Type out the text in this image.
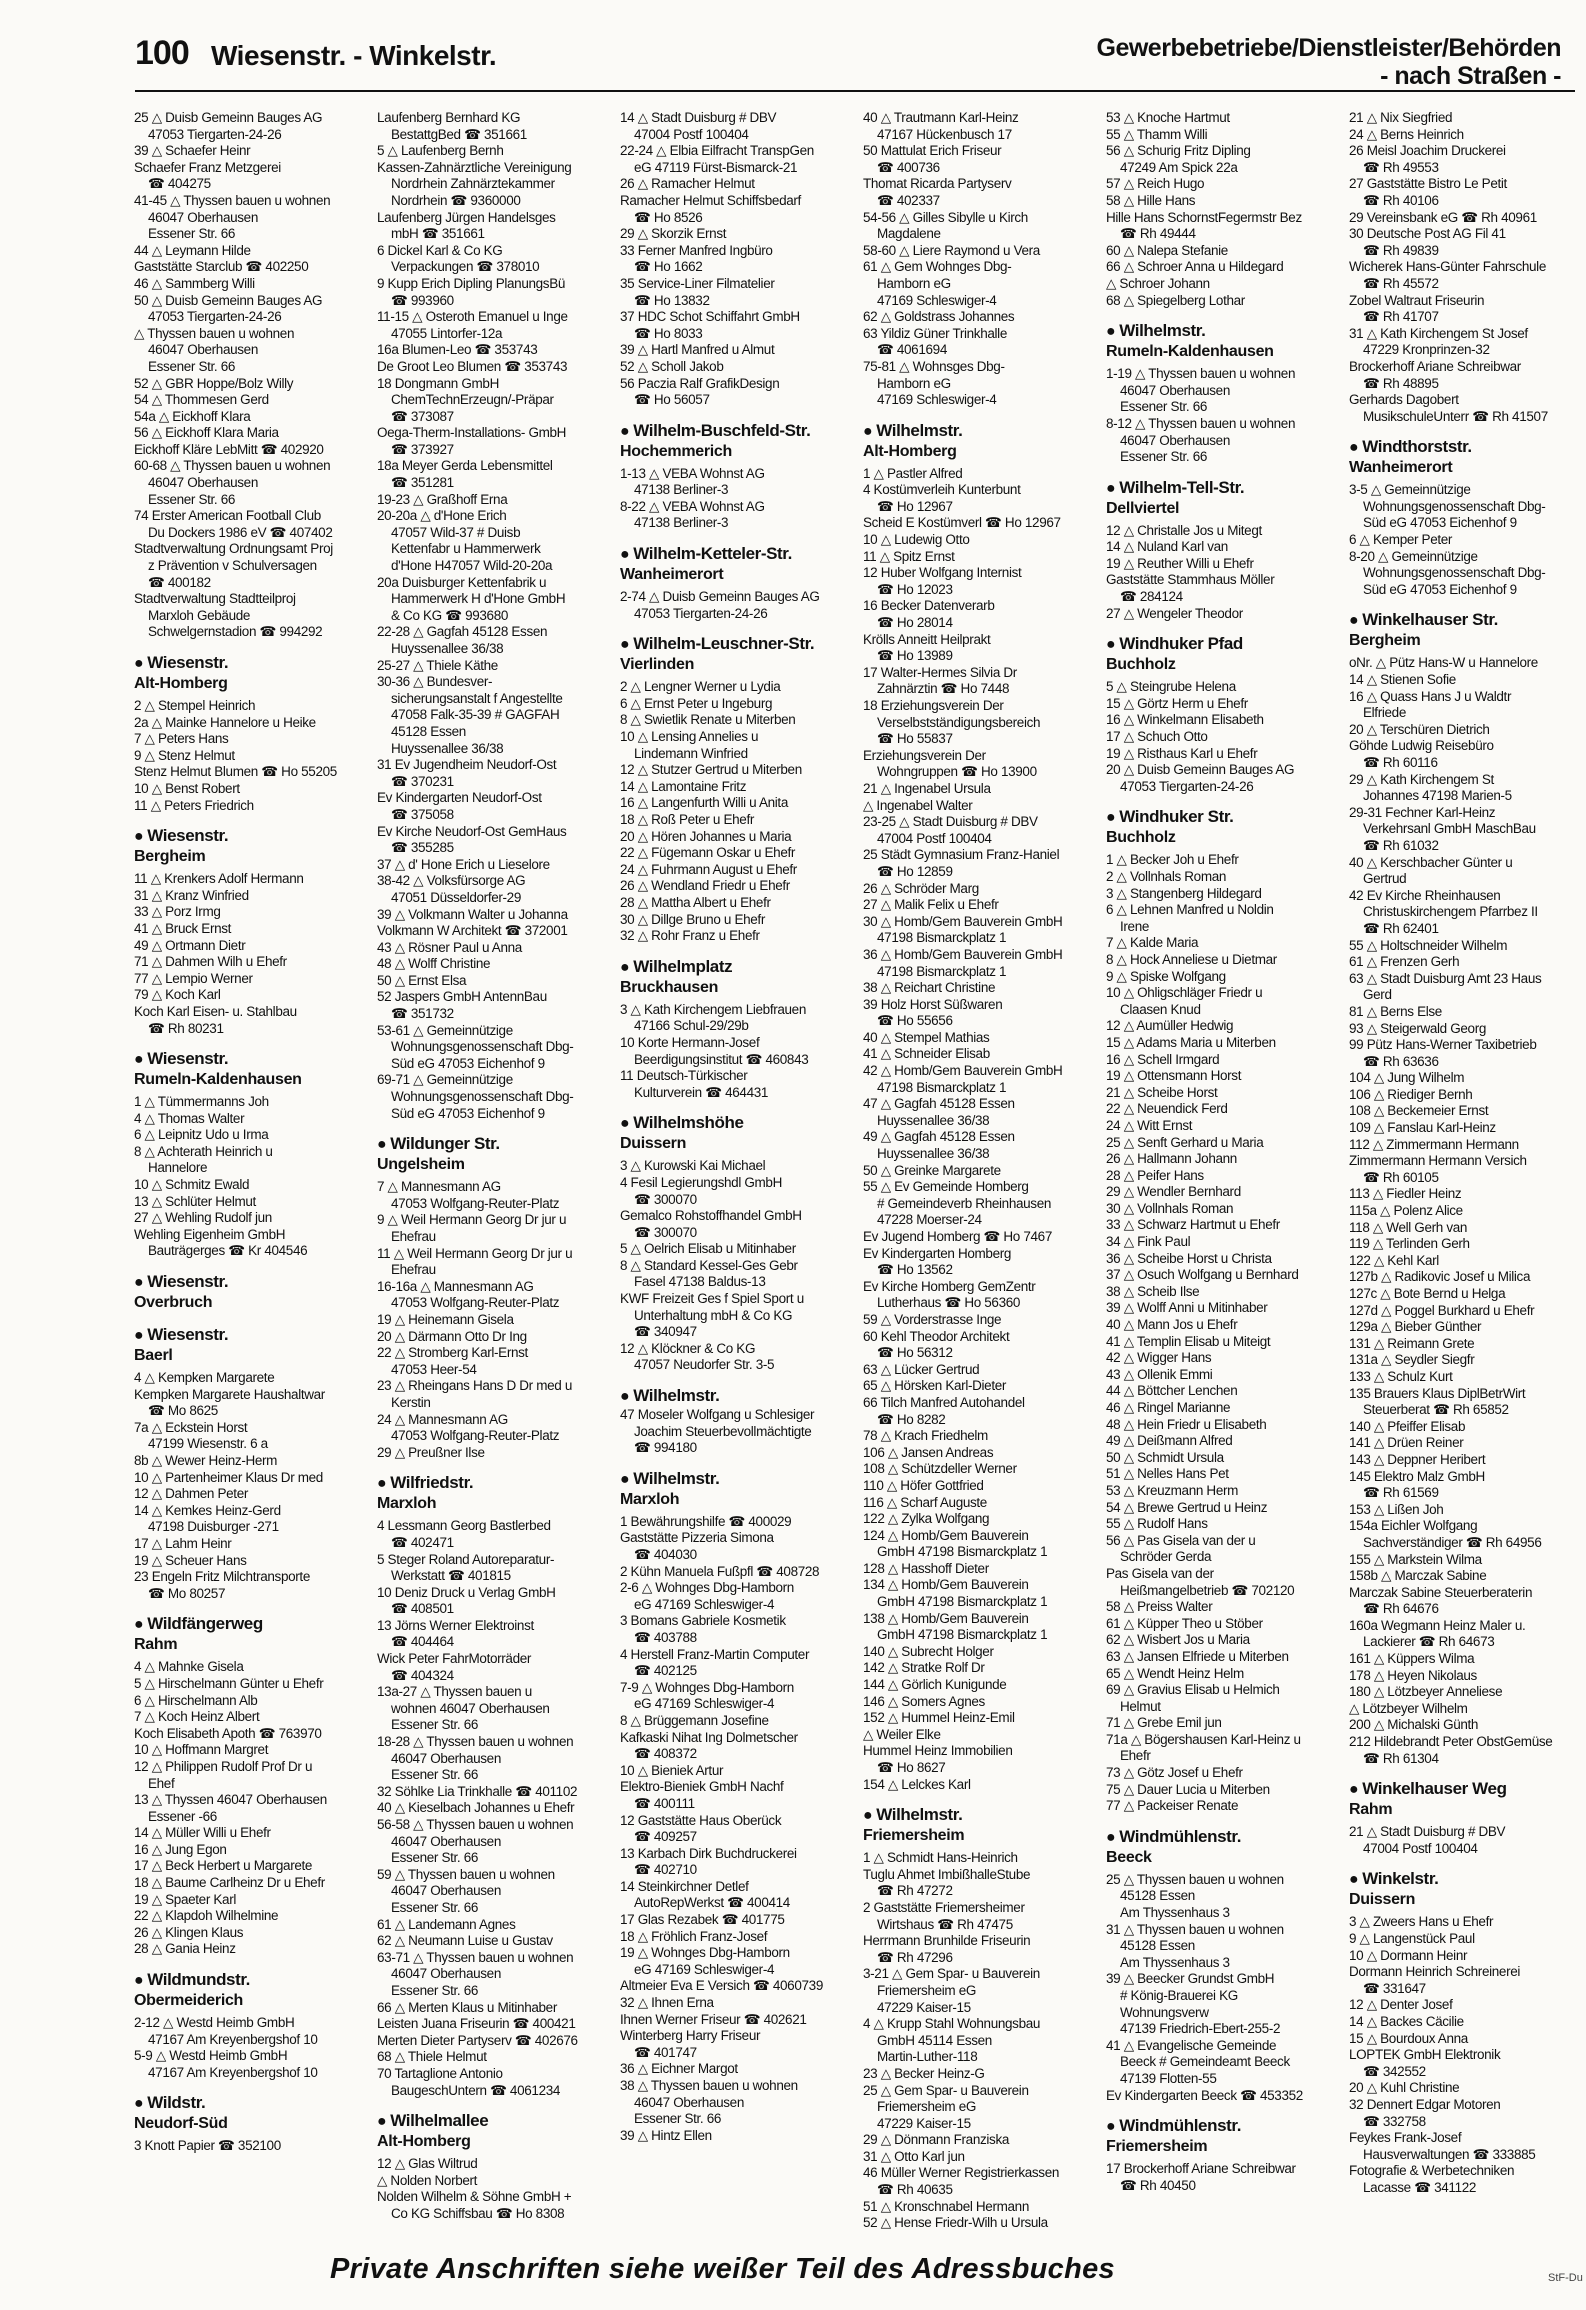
100 Wiesenstr. - Winkelstr.	Gewerbebetriebe/Dienstleister/Behörden
- nach Straßen -
25 △ Duisb Gemeinn Bauges AG
47053 Tiergarten-24-26
39 △ Schaefer Heinr
Schaefer Franz Metzgerei
☎ 404275
41-45 △ Thyssen bauen u wohnen
46047 Oberhausen
Essener Str. 66
44 △ Leymann Hilde
Gaststätte Starclub ☎ 402250
46 △ Sammberg Willi
50 △ Duisb Gemeinn Bauges AG
47053 Tiergarten-24-26
△ Thyssen bauen u wohnen
46047 Oberhausen
Essener Str. 66
52 △ GBR Hoppe/Bolz Willy
54 △ Thommesen Gerd
54a △ Eickhoff Klara
56 △ Eickhoff Klara Maria
Eickhoff Kläre LebMitt ☎ 402920
60-68 △ Thyssen bauen u wohnen
46047 Oberhausen
Essener Str. 66
74 Erster American Football Club
Du Dockers 1986 eV ☎ 407402
Stadtverwaltung Ordnungsamt Proj
z Prävention v Schulversagen
☎ 400182
Stadtverwaltung Stadtteilproj
Marxloh Gebäude
Schwelgernstadion ☎ 994292
● Wiesenstr.
Alt-Homberg
2 △ Stempel Heinrich
2a △ Mainke Hannelore u Heike
7 △ Peters Hans
9 △ Stenz Helmut
Stenz Helmut Blumen ☎ Ho 55205
10 △ Benst Robert
11 △ Peters Friedrich
● Wiesenstr.
Bergheim
11 △ Krenkers Adolf Hermann
31 △ Kranz Winfried
33 △ Porz Irmg
41 △ Bruck Ernst
49 △ Ortmann Dietr
71 △ Dahmen Wilh u Ehefr
77 △ Lempio Werner
79 △ Koch Karl
Koch Karl Eisen- u. Stahlbau
☎ Rh 80231
● Wiesenstr.
Rumeln-Kaldenhausen
1 △ Tümmermanns Joh
4 △ Thomas Walter
6 △ Leipnitz Udo u Irma
8 △ Achterath Heinrich u
Hannelore
10 △ Schmitz Ewald
13 △ Schlüter Helmut
27 △ Wehling Rudolf jun
Wehling Eigenheim GmbH
Bauträgerges ☎ Kr 404546
● Wiesenstr.
Overbruch
● Wiesenstr.
Baerl
4 △ Kempken Margarete
Kempken Margarete Haushaltwar
☎ Mo 8625
7a △ Eckstein Horst
47199 Wiesenstr. 6 a
8b △ Wewer Heinz-Herm
10 △ Partenheimer Klaus Dr med
12 △ Dahmen Peter
14 △ Kemkes Heinz-Gerd
47198 Duisburger -271
17 △ Lahm Heinr
19 △ Scheuer Hans
23 Engeln Fritz Milchtransporte
☎ Mo 80257
● Wildfängerweg
Rahm
4 △ Mahnke Gisela
5 △ Hirschelmann Günter u Ehefr
6 △ Hirschelmann Alb
7 △ Koch Heinz Albert
Koch Elisabeth Apoth ☎ 763970
10 △ Hoffmann Margret
12 △ Philippen Rudolf Prof Dr u
Ehef
13 △ Thyssen 46047 Oberhausen
Essener -66
14 △ Müller Willi u Ehefr
16 △ Jung Egon
17 △ Beck Herbert u Margarete
18 △ Baume Carlheinz Dr u Ehefr
19 △ Spaeter Karl
22 △ Klapdoh Wilhelmine
26 △ Klingen Klaus
28 △ Gania Heinz
● Wildmundstr.
Obermeiderich
2-12 △ Westd Heimb GmbH
47167 Am Kreyenbergshof 10
5-9 △ Westd Heimb GmbH
47167 Am Kreyenbergshof 10
● Wildstr.
Neudorf-Süd
3 Knott Papier ☎ 352100
Laufenberg Bernhard KG
BestattgBed ☎ 351661
5 △ Laufenberg Bernh
Kassen-Zahnärztliche Vereinigung
Nordrhein Zahnärztekammer
Nordrhein ☎ 9360000
Laufenberg Jürgen Handelsges
mbH ☎ 351661
6 Dickel Karl & Co KG
Verpackungen ☎ 378010
9 Kupp Erich Dipling PlanungsBü
☎ 993960
11-15 △ Osteroth Emanuel u Inge
47055 Lintorfer-12a
16a Blumen-Leo ☎ 353743
De Groot Leo Blumen ☎ 353743
18 Dongmann GmbH
ChemTechnErzeugn/-Präpar
☎ 373087
Oega-Therm-Installations- GmbH
☎ 373927
18a Meyer Gerda Lebensmittel
☎ 351281
19-23 △ Graßhoff Erna
20-20a △ d'Hone Erich
47057 Wild-37 # Duisb
Kettenfabr u Hammerwerk
d'Hone H47057 Wild-20-20a
20a Duisburger Kettenfabrik u
Hammerwerk H d'Hone GmbH
& Co KG ☎ 993680
22-28 △ Gagfah 45128 Essen
Huyssenallee 36/38
25-27 △ Thiele Käthe
30-36 △ Bundesver-
sicherungsanstalt f Angestellte
47058 Falk-35-39 # GAGFAH
45128 Essen
Huyssenallee 36/38
31 Ev Jugendheim Neudorf-Ost
☎ 370231
Ev Kindergarten Neudorf-Ost
☎ 375058
Ev Kirche Neudorf-Ost GemHaus
☎ 355285
37 △ d' Hone Erich u Lieselore
38-42 △ Volksfürsorge AG
47051 Düsseldorfer-29
39 △ Volkmann Walter u Johanna
Volkmann W Architekt ☎ 372001
43 △ Rösner Paul u Anna
48 △ Wolff Christine
50 △ Ernst Elsa
52 Jaspers GmbH AntennBau
☎ 351732
53-61 △ Gemeinnützige
Wohnungsgenossenschaft Dbg-
Süd eG 47053 Eichenhof 9
69-71 △ Gemeinnützige
Wohnungsgenossenschaft Dbg-
Süd eG 47053 Eichenhof 9
● Wildunger Str.
Ungelsheim
7 △ Mannesmann AG
47053 Wolfgang-Reuter-Platz
9 △ Weil Hermann Georg Dr jur u
Ehefrau
11 △ Weil Hermann Georg Dr jur u
Ehefrau
16-16a △ Mannesmann AG
47053 Wolfgang-Reuter-Platz
19 △ Heinemann Gisela
20 △ Därmann Otto Dr Ing
22 △ Stromberg Karl-Ernst
47053 Heer-54
23 △ Rheingans Hans D Dr med u
Kerstin
24 △ Mannesmann AG
47053 Wolfgang-Reuter-Platz
29 △ Preußner Ilse
● Wilfriedstr.
Marxloh
4 Lessmann Georg Bastlerbed
☎ 402471
5 Steger Roland Autoreparatur-
Werkstatt ☎ 401815
10 Deniz Druck u Verlag GmbH
☎ 408501
13 Jörns Werner Elektroinst
☎ 404464
Wick Peter FahrMotorräder
☎ 404324
13a-27 △ Thyssen bauen u
wohnen 46047 Oberhausen
Essener Str. 66
18-28 △ Thyssen bauen u wohnen
46047 Oberhausen
Essener Str. 66
32 Söhlke Lia Trinkhalle ☎ 401102
40 △ Kieselbach Johannes u Ehefr
56-58 △ Thyssen bauen u wohnen
46047 Oberhausen
Essener Str. 66
59 △ Thyssen bauen u wohnen
46047 Oberhausen
Essener Str. 66
61 △ Landemann Agnes
62 △ Neumann Luise u Gustav
63-71 △ Thyssen bauen u wohnen
46047 Oberhausen
Essener Str. 66
66 △ Merten Klaus u Mitinhaber
Leisten Juana Friseurin ☎ 400421
Merten Dieter Partyserv ☎ 402676
68 △ Thiele Helmut
70 Tartaglione Antonio
BaugeschUntern ☎ 4061234
● Wilhelmallee
Alt-Homberg
12 △ Glas Wiltrud
△ Nolden Norbert
Nolden Wilhelm & Söhne GmbH +
Co KG Schiffsbau ☎ Ho 8308
14 △ Stadt Duisburg # DBV
47004 Postf 100404
22-24 △ Elbia Eilfracht TranspGen
eG 47119 Fürst-Bismarck-21
26 △ Ramacher Helmut
Ramacher Helmut Schiffsbedarf
☎ Ho 8526
29 △ Skorzik Ernst
33 Ferner Manfred Ingbüro
☎ Ho 1662
35 Service-Liner Filmatelier
☎ Ho 13832
37 HDC Schot Schiffahrt GmbH
☎ Ho 8033
39 △ Hartl Manfred u Almut
52 △ Scholl Jakob
56 Paczia Ralf GrafikDesign
☎ Ho 56057
● Wilhelm-Buschfeld-Str.
Hochemmerich
1-13 △ VEBA Wohnst AG
47138 Berliner-3
8-22 △ VEBA Wohnst AG
47138 Berliner-3
● Wilhelm-Ketteler-Str.
Wanheimerort
2-74 △ Duisb Gemeinn Bauges AG
47053 Tiergarten-24-26
● Wilhelm-Leuschner-Str.
Vierlinden
2 △ Lengner Werner u Lydia
6 △ Ernst Peter u Ingeburg
8 △ Swietlik Renate u Miterben
10 △ Lensing Annelies u
Lindemann Winfried
12 △ Stutzer Gertrud u Miterben
14 △ Lamontaine Fritz
16 △ Langenfurth Willi u Anita
18 △ Roß Peter u Ehefr
20 △ Hören Johannes u Maria
22 △ Fügemann Oskar u Ehefr
24 △ Fuhrmann August u Ehefr
26 △ Wendland Friedr u Ehefr
28 △ Mattha Albert u Ehefr
30 △ Dillge Bruno u Ehefr
32 △ Rohr Franz u Ehefr
● Wilhelmplatz
Bruckhausen
3 △ Kath Kirchengem Liebfrauen
47166 Schul-29/29b
10 Korte Hermann-Josef
Beerdigungsinstitut ☎ 460843
11 Deutsch-Türkischer
Kulturverein ☎ 464431
● Wilhelmshöhe
Duissern
3 △ Kurowski Kai Michael
4 Fesil Legierungshdl GmbH
☎ 300070
Gemalco Rohstoffhandel GmbH
☎ 300070
5 △ Oelrich Elisab u Mitinhaber
8 △ Standard Kessel-Ges Gebr
Fasel 47138 Baldus-13
KWF Freizeit Ges f Spiel Sport u
Unterhaltung mbH & Co KG
☎ 340947
12 △ Klöckner & Co KG
47057 Neudorfer Str. 3-5
● Wilhelmstr.
47 Moseler Wolfgang u Schlesiger
Joachim Steuerbevollmächtigte
☎ 994180
● Wilhelmstr.
Marxloh
1 Bewährungshilfe ☎ 400029
Gaststätte Pizzeria Simona
☎ 404030
2 Kühn Manuela Fußpfl ☎ 408728
2-6 △ Wohnges Dbg-Hamborn
eG 47169 Schleswiger-4
3 Bomans Gabriele Kosmetik
☎ 403788
4 Herstell Franz-Martin Computer
☎ 402125
7-9 △ Wohnges Dbg-Hamborn
eG 47169 Schleswiger-4
8 △ Brüggemann Josefine
Kafkaski Nihat Ing Dolmetscher
☎ 408372
10 △ Bieniek Artur
Elektro-Bieniek GmbH Nachf
☎ 400111
12 Gaststätte Haus Oberück
☎ 409257
13 Karbach Dirk Buchdruckerei
☎ 402710
14 Steinkirchner Detlef
AutoRepWerkst ☎ 400414
17 Glas Rezabek ☎ 401775
18 △ Fröhlich Franz-Josef
19 △ Wohnges Dbg-Hamborn
eG 47169 Schleswiger-4
Altmeier Eva E Versich ☎ 4060739
32 △ Ihnen Erna
Ihnen Werner Friseur ☎ 402621
Winterberg Harry Friseur
☎ 401747
36 △ Eichner Margot
38 △ Thyssen bauen u wohnen
46047 Oberhausen
Essener Str. 66
39 △ Hintz Ellen
40 △ Trautmann Karl-Heinz
47167 Hückenbusch 17
50 Mattulat Erich Friseur
☎ 400736
Thomat Ricarda Partyserv
☎ 402337
54-56 △ Gilles Sibylle u Kirch
Magdalene
58-60 △ Liere Raymond u Vera
61 △ Gem Wohnges Dbg-
Hamborn eG
47169 Schleswiger-4
62 △ Goldstrass Johannes
63 Yildiz Güner Trinkhalle
☎ 4061694
75-81 △ Wohnsges Dbg-
Hamborn eG
47169 Schleswiger-4
● Wilhelmstr.
Alt-Homberg
1 △ Pastler Alfred
4 Kostümverleih Kunterbunt
☎ Ho 12967
Scheid E Kostümverl ☎ Ho 12967
10 △ Ludewig Otto
11 △ Spitz Ernst
12 Huber Wolfgang Internist
☎ Ho 12023
16 Becker Datenverarb
☎ Ho 28014
Krölls Anneitt Heilprakt
☎ Ho 13989
17 Walter-Hermes Silvia Dr
Zahnärztin ☎ Ho 7448
18 Erziehungsverein Der
Verselbstständigungsbereich
☎ Ho 55837
Erziehungsverein Der
Wohngruppen ☎ Ho 13900
21 △ Ingenabel Ursula
△ Ingenabel Walter
23-25 △ Stadt Duisburg # DBV
47004 Postf 100404
25 Städt Gymnasium Franz-Haniel
☎ Ho 12859
26 △ Schröder Marg
27 △ Malik Felix u Ehefr
30 △ Homb/Gem Bauverein GmbH
47198 Bismarckplatz 1
36 △ Homb/Gem Bauverein GmbH
47198 Bismarckplatz 1
38 △ Reichart Christine
39 Holz Horst Süßwaren
☎ Ho 55656
40 △ Stempel Mathias
41 △ Schneider Elisab
42 △ Homb/Gem Bauverein GmbH
47198 Bismarckplatz 1
47 △ Gagfah 45128 Essen
Huyssenallee 36/38
49 △ Gagfah 45128 Essen
Huyssenallee 36/38
50 △ Greinke Margarete
55 △ Ev Gemeinde Homberg
# Gemeindeverb Rheinhausen
47228 Moerser-24
Ev Jugend Homberg ☎ Ho 7467
Ev Kindergarten Homberg
☎ Ho 13562
Ev Kirche Homberg GemZentr
Lutherhaus ☎ Ho 56360
59 △ Vorderstrasse Inge
60 Kehl Theodor Architekt
☎ Ho 56312
63 △ Lücker Gertrud
65 △ Hörsken Karl-Dieter
66 Tilch Manfred Autohandel
☎ Ho 8282
78 △ Krach Friedhelm
106 △ Jansen Andreas
108 △ Schützdeller Werner
110 △ Höfer Gottfried
116 △ Scharf Auguste
122 △ Zylka Wolfgang
124 △ Homb/Gem Bauverein
GmbH 47198 Bismarckplatz 1
128 △ Hasshoff Dieter
134 △ Homb/Gem Bauverein
GmbH 47198 Bismarckplatz 1
138 △ Homb/Gem Bauverein
GmbH 47198 Bismarckplatz 1
140 △ Subrecht Holger
142 △ Stratke Rolf Dr
144 △ Görlich Kunigunde
146 △ Somers Agnes
152 △ Hummel Heinz-Emil
△ Weiler Elke
Hummel Heinz Immobilien
☎ Ho 8627
154 △ Lelckes Karl
● Wilhelmstr.
Friemersheim
1 △ Schmidt Hans-Heinrich
Tuglu Ahmet ImbißhalleStube
☎ Rh 47272
2 Gaststätte Friemersheimer
Wirtshaus ☎ Rh 47475
Herrmann Brunhilde Friseurin
☎ Rh 47296
3-21 △ Gem Spar- u Bauverein
Friemersheim eG
47229 Kaiser-15
4 △ Krupp Stahl Wohnungsbau
GmbH 45114 Essen
Martin-Luther-118
23 △ Becker Heinz-G
25 △ Gem Spar- u Bauverein
Friemersheim eG
47229 Kaiser-15
29 △ Dönmann Franziska
31 △ Otto Karl jun
46 Müller Werner Registrierkassen
☎ Rh 40635
51 △ Kronschnabel Hermann
52 △ Hense Friedr-Wilh u Ursula
53 △ Knoche Hartmut
55 △ Thamm Willi
56 △ Schurig Fritz Dipling
47249 Am Spick 22a
57 △ Reich Hugo
58 △ Hille Hans
Hille Hans SchornstFegermstr Bez
☎ Rh 49444
60 △ Nalepa Stefanie
66 △ Schroer Anna u Hildegard
△ Schroer Johann
68 △ Spiegelberg Lothar
● Wilhelmstr.
Rumeln-Kaldenhausen
1-19 △ Thyssen bauen u wohnen
46047 Oberhausen
Essener Str. 66
8-12 △ Thyssen bauen u wohnen
46047 Oberhausen
Essener Str. 66
● Wilhelm-Tell-Str.
Dellviertel
12 △ Christalle Jos u Mitegt
14 △ Nuland Karl van
19 △ Reuther Willi u Ehefr
Gaststätte Stammhaus Möller
☎ 284124
27 △ Wengeler Theodor
● Windhuker Pfad
Buchholz
5 △ Steingrube Helena
15 △ Görtz Herm u Ehefr
16 △ Winkelmann Elisabeth
17 △ Schuch Otto
19 △ Risthaus Karl u Ehefr
20 △ Duisb Gemeinn Bauges AG
47053 Tiergarten-24-26
● Windhuker Str.
Buchholz
1 △ Becker Joh u Ehefr
2 △ Vollnhals Roman
3 △ Stangenberg Hildegard
6 △ Lehnen Manfred u Noldin
Irene
7 △ Kalde Maria
8 △ Hock Anneliese u Dietmar
9 △ Spiske Wolfgang
10 △ Ohligschläger Friedr u
Claasen Knud
12 △ Aumüller Hedwig
15 △ Adams Maria u Miterben
16 △ Schell Irmgard
19 △ Ottensmann Horst
21 △ Scheibe Horst
22 △ Neuendick Ferd
24 △ Witt Ernst
25 △ Senft Gerhard u Maria
26 △ Hallmann Johann
28 △ Peifer Hans
29 △ Wendler Bernhard
30 △ Vollnhals Roman
33 △ Schwarz Hartmut u Ehefr
34 △ Fink Paul
36 △ Scheibe Horst u Christa
37 △ Osuch Wolfgang u Bernhard
38 △ Scheib Ilse
39 △ Wolff Anni u Mitinhaber
40 △ Mann Jos u Ehefr
41 △ Templin Elisab u Miteigt
42 △ Wigger Hans
43 △ Ollenik Emmi
44 △ Böttcher Lenchen
46 △ Ringel Marianne
48 △ Hein Friedr u Elisabeth
49 △ Deißmann Alfred
50 △ Schmidt Ursula
51 △ Nelles Hans Pet
53 △ Kreuzmann Herm
54 △ Brewe Gertrud u Heinz
55 △ Rudolf Hans
56 △ Pas Gisela van der u
Schröder Gerda
Pas Gisela van der
Heißmangelbetrieb ☎ 702120
58 △ Preiss Walter
61 △ Küpper Theo u Stöber
62 △ Wisbert Jos u Maria
63 △ Jansen Elfriede u Miterben
65 △ Wendt Heinz Helm
69 △ Gravius Elisab u Helmich
Helmut
71 △ Grebe Emil jun
71a △ Bögershausen Karl-Heinz u
Ehefr
73 △ Götz Josef u Ehefr
75 △ Dauer Lucia u Miterben
77 △ Packeiser Renate
● Windmühlenstr.
Beeck
25 △ Thyssen bauen u wohnen
45128 Essen
Am Thyssenhaus 3
31 △ Thyssen bauen u wohnen
45128 Essen
Am Thyssenhaus 3
39 △ Beecker Grundst GmbH
# König-Brauerei KG
Wohnungsverw
47139 Friedrich-Ebert-255-2
41 △ Evangelische Gemeinde
Beeck # Gemeindeamt Beeck
47139 Flotten-55
Ev Kindergarten Beeck ☎ 453352
● Windmühlenstr.
Friemersheim
17 Brockerhoff Ariane Schreibwar
☎ Rh 40450
21 △ Nix Siegfried
24 △ Berns Heinrich
26 Meisl Joachim Druckerei
☎ Rh 49553
27 Gaststätte Bistro Le Petit
☎ Rh 40106
29 Vereinsbank eG ☎ Rh 40961
30 Deutsche Post AG Fil 41
☎ Rh 49839
Wicherek Hans-Günter Fahrschule
☎ Rh 45572
Zobel Waltraut Friseurin
☎ Rh 41707
31 △ Kath Kirchengem St Josef
47229 Kronprinzen-32
Brockerhoff Ariane Schreibwar
☎ Rh 48895
Gerhards Dagobert
MusikschuleUnterr ☎ Rh 41507
● Windthorststr.
Wanheimerort
3-5 △ Gemeinnützige
Wohnungsgenossenschaft Dbg-
Süd eG 47053 Eichenhof 9
6 △ Kemper Peter
8-20 △ Gemeinnützige
Wohnungsgenossenschaft Dbg-
Süd eG 47053 Eichenhof 9
● Winkelhauser Str.
Bergheim
oNr. △ Pütz Hans-W u Hannelore
14 △ Stienen Sofie
16 △ Quass Hans J u Waldtr
Elfriede
20 △ Terschüren Dietrich
Göhde Ludwig Reisebüro
☎ Rh 60116
29 △ Kath Kirchengem St
Johannes 47198 Marien-5
29-31 Fechner Karl-Heinz
Verkehrsanl GmbH MaschBau
☎ Rh 61032
40 △ Kerschbacher Günter u
Gertrud
42 Ev Kirche Rheinhausen
Christuskirchengem Pfarrbez II
☎ Rh 62401
55 △ Holtschneider Wilhelm
61 △ Frenzen Gerh
63 △ Stadt Duisburg Amt 23 Haus
Gerd
81 △ Berns Else
93 △ Steigerwald Georg
99 Pütz Hans-Werner Taxibetrieb
☎ Rh 63636
104 △ Jung Wilhelm
106 △ Riediger Bernh
108 △ Beckemeier Ernst
109 △ Fanslau Karl-Heinz
112 △ Zimmermann Hermann
Zimmermann Hermann Versich
☎ Rh 60105
113 △ Fiedler Heinz
115a △ Polenz Alice
118 △ Well Gerh van
119 △ Terlinden Gerh
122 △ Kehl Karl
127b △ Radikovic Josef u Milica
127c △ Bote Bernd u Helga
127d △ Poggel Burkhard u Ehefr
129a △ Bieber Günther
131 △ Reimann Grete
131a △ Seydler Siegfr
133 △ Schulz Kurt
135 Brauers Klaus DiplBetrWirt
Steuerberat ☎ Rh 65852
140 △ Pfeiffer Elisab
141 △ Drüen Reiner
143 △ Deppner Heribert
145 Elektro Malz GmbH
☎ Rh 61569
153 △ Lißen Joh
154a Eichler Wolfgang
Sachverständiger ☎ Rh 64956
155 △ Markstein Wilma
158b △ Marczak Sabine
Marczak Sabine Steuerberaterin
☎ Rh 64676
160a Wegmann Heinz Maler u.
Lackierer ☎ Rh 64673
161 △ Küppers Wilma
178 △ Heyen Nikolaus
180 △ Lötzbeyer Anneliese
△ Lötzbeyer Wilhelm
200 △ Michalski Günth
212 Hildebrandt Peter ObstGemüse
☎ Rh 61304
● Winkelhauser Weg
Rahm
21 △ Stadt Duisburg # DBV
47004 Postf 100404
● Winkelstr.
Duissern
3 △ Zweers Hans u Ehefr
9 △ Langenstück Paul
10 △ Dormann Heinr
Dormann Heinrich Schreinerei
☎ 331647
12 △ Denter Josef
14 △ Backes Cäcilie
15 △ Bourdoux Anna
LOPTEK GmbH Elektronik
☎ 342552
20 △ Kuhl Christine
32 Dennert Edgar Motoren
☎ 332758
Feykes Frank-Josef
Hausverwaltungen ☎ 333885
Fotografie & Werbetechniken
Lacasse ☎ 341122
Private Anschriften siehe weißer Teil des Adressbuches	StF-Du
